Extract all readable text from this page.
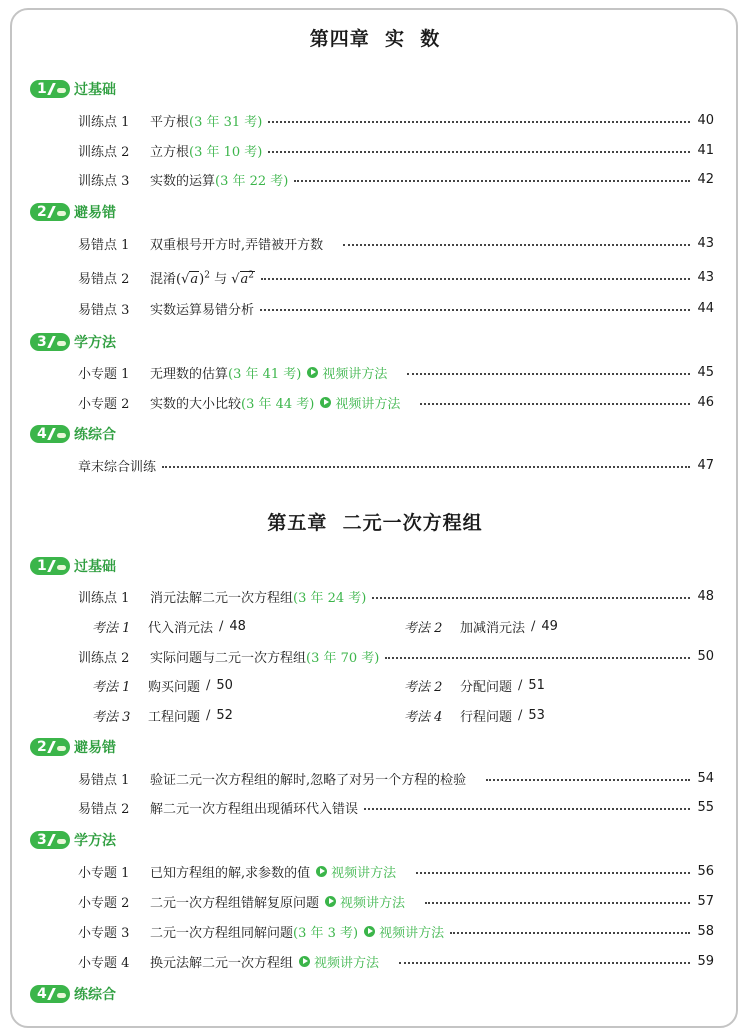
第四章  实  数
1	过基础
训练点 1	平方根 (3 年 31 考)	40
训练点 2	立方根 (3 年 10 考)	41
训练点 3	实数的运算 (3 年 22 考)	42
2	避易错
易错点 1	双重根号开方时,弄错被开方数	43
易错点 2	混淆$(√a)^2$ 与 $√a^2$	43
易错点 3	实数运算易错分析	44
3	学方法
小专题 1	无理数的估算 (3 年 41 考) 视频讲方法	45
小专题 2	实数的大小比较 (3 年 44 考) 视频讲方法	46
4	练综合
章末综合训练	47
第五章  二元一次方程组
1	过基础
训练点 1	消元法解二元一次方程组 (3 年 24 考)	48
考法 1	代入消元法 / 48	考法 2	加减消元法 / 49
训练点 2	实际问题与二元一次方程组 (3 年 70 考)	50
考法 1	购买问题 / 50	考法 2	分配问题 / 51
考法 3	工程问题 / 52	考法 4	行程问题 / 53
2	避易错
易错点 1	验证二元一次方程组的解时,忽略了对另一个方程的检验	54
易错点 2	解二元一次方程组出现循环代入错误	55
3	学方法
小专题 1	已知方程组的解,求参数的值 视频讲方法	56
小专题 2	二元一次方程组错解复原问题 视频讲方法	57
小专题 3	二元一次方程组同解问题 (3 年 3 考) 视频讲方法	58
小专题 4	换元法解二元一次方程组 视频讲方法	59
4	练综合
